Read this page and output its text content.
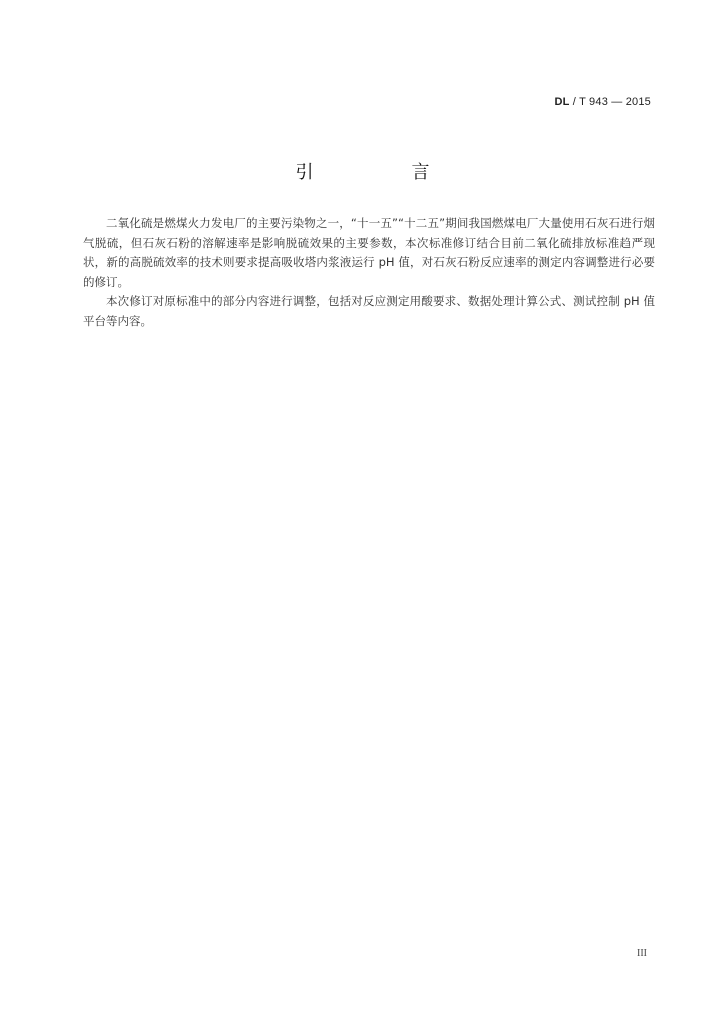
DL / T 943 — 2015
引　言

二氧化硫是燃煤火力发电厂的主要污染物之一，“十一五”“十二五”期间我国燃煤电厂大量使用石灰石进行烟气脱硫，但石灰石粉的溶解速率是影响脱硫效果的主要参数，本次标准修订结合目前二氧化硫排放标准趋严现状，新的高脱硫效率的技术则要求提高吸收塔内浆液运行 pH 值，对石灰石粉反应速率的测定内容调整进行必要的修订。

本次修订对原标准中的部分内容进行调整，包括对反应测定用酸要求、数据处理计算公式、测试控制 pH 值平台等内容。

III
